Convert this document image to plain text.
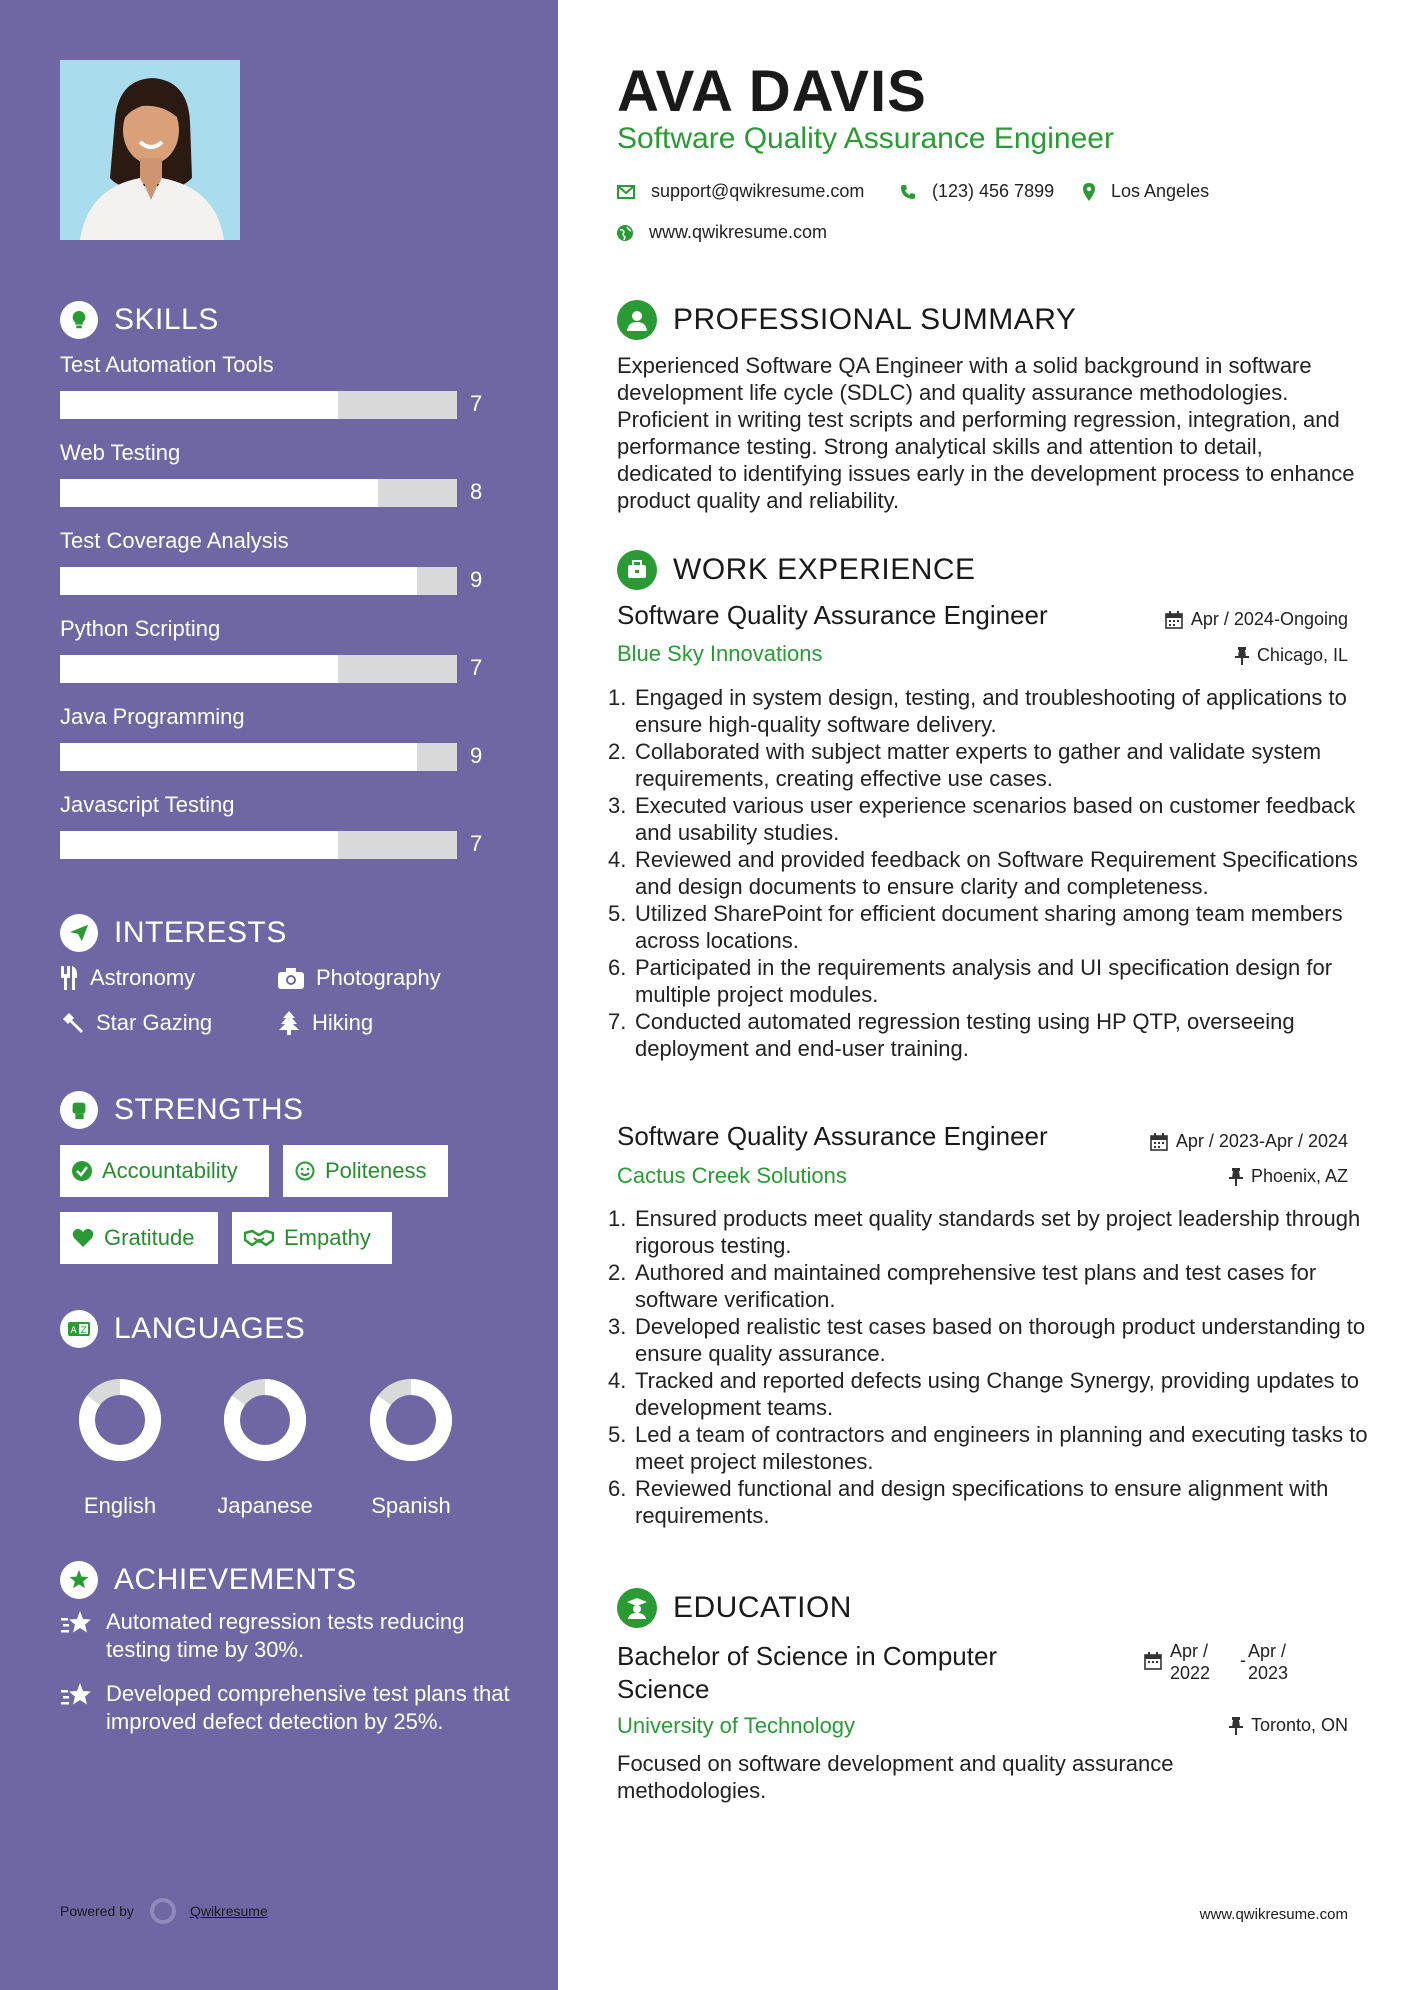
SKILLS
Test Automation Tools
7
Web Testing
8
Test Coverage Analysis
9
Python Scripting
7
Java Programming
9
Javascript Testing
7
INTERESTS
Astronomy	Photography
Star Gazing	Hiking
STRENGTHS
Accountability	Politeness
Gratitude	Empathy
A Z LANGUAGES
English	Japanese	Spanish
ACHIEVEMENTS
Automated regression tests reducing testing time by 30%.
Developed comprehensive test plans that improved defect detection by 25%.
Powered by	Qwikresume
AVA DAVIS
Software Quality Assurance Engineer
support@qwikresume.com	(123) 456 7899	Los Angeles
www.qwikresume.com
PROFESSIONAL SUMMARY
Experienced Software QA Engineer with a solid background in software development life cycle (SDLC) and quality assurance methodologies. Proficient in writing test scripts and performing regression, integration, and performance testing. Strong analytical skills and attention to detail, dedicated to identifying issues early in the development process to enhance product quality and reliability.
WORK EXPERIENCE
Software Quality Assurance Engineer	Apr / 2024-Ongoing
Blue Sky Innovations	Chicago, IL
1. Engaged in system design, testing, and troubleshooting of applications to ensure high-quality software delivery.
2. Collaborated with subject matter experts to gather and validate system requirements, creating effective use cases.
3. Executed various user experience scenarios based on customer feedback and usability studies.
4. Reviewed and provided feedback on Software Requirement Specifications and design documents to ensure clarity and completeness.
5. Utilized SharePoint for efficient document sharing among team members across locations.
6. Participated in the requirements analysis and UI specification design for multiple project modules.
7. Conducted automated regression testing using HP QTP, overseeing deployment and end-user training.
Software Quality Assurance Engineer	Apr / 2023-Apr / 2024
Cactus Creek Solutions	Phoenix, AZ
1. Ensured products meet quality standards set by project leadership through rigorous testing.
2. Authored and maintained comprehensive test plans and test cases for software verification.
3. Developed realistic test cases based on thorough product understanding to ensure quality assurance.
4. Tracked and reported defects using Change Synergy, providing updates to development teams.
5. Led a team of contractors and engineers in planning and executing tasks to meet project milestones.
6. Reviewed functional and design specifications to ensure alignment with requirements.
EDUCATION
Bachelor of Science in Computer Science
Apr / 2022
- Apr / 2023
University of Technology	Toronto, ON
Focused on software development and quality assurance methodologies.
www.qwikresume.com
